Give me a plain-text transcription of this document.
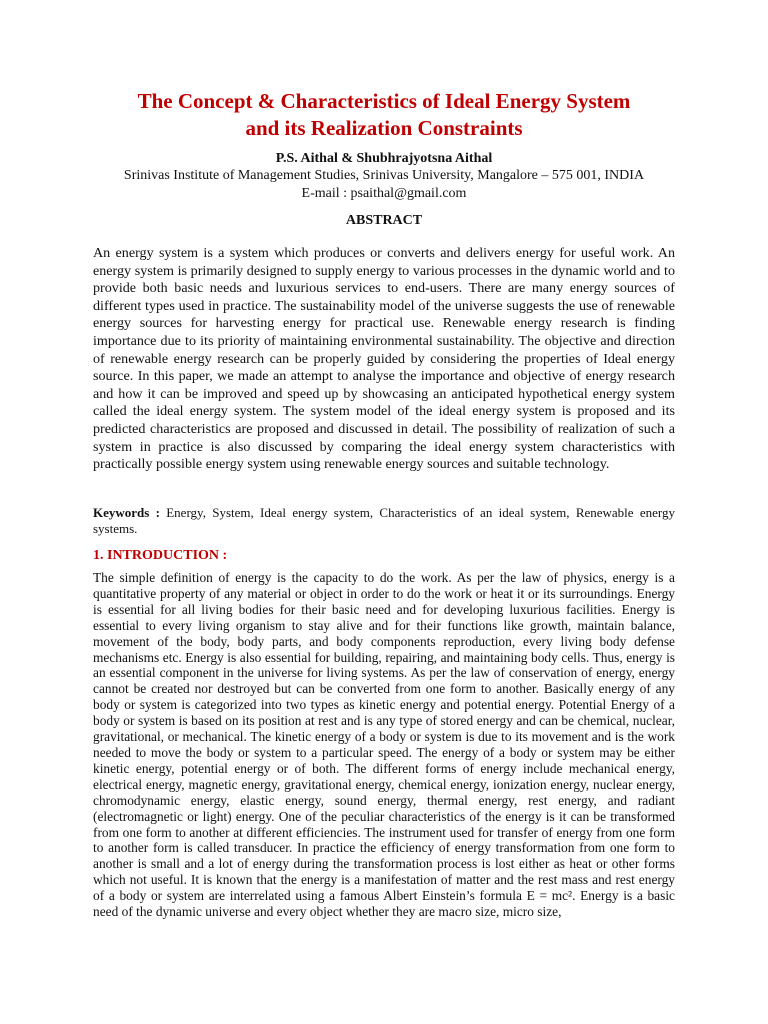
The Concept & Characteristics of Ideal Energy System
and its Realization Constraints
P.S. Aithal & Shubhrajyotsna Aithal
Srinivas Institute of Management Studies, Srinivas University, Mangalore – 575 001, INDIA
E-mail : psaithal@gmail.com
ABSTRACT
An energy system is a system which produces or converts and delivers energy for useful work. An energy system is primarily designed to supply energy to various processes in the dynamic world and to provide both basic needs and luxurious services to end-users. There are many energy sources of different types used in practice. The sustainability model of the universe suggests the use of renewable energy sources for harvesting energy for practical use. Renewable energy research is finding importance due to its priority of maintaining environmental sustainability. The objective and direction of renewable energy research can be properly guided by considering the properties of Ideal energy source. In this paper, we made an attempt to analyse the importance and objective of energy research and how it can be improved and speed up by showcasing an anticipated hypothetical energy system called the ideal energy system. The system model of the ideal energy system is proposed and its predicted characteristics are proposed and discussed in detail. The possibility of realization of such a system in practice is also discussed by comparing the ideal energy system characteristics with practically possible energy system using renewable energy sources and suitable technology.
Keywords : Energy, System, Ideal energy system, Characteristics of an ideal system, Renewable energy systems.
1. INTRODUCTION :
The simple definition of energy is the capacity to do the work. As per the law of physics, energy is a quantitative property of any material or object in order to do the work or heat it or its surroundings. Energy is essential for all living bodies for their basic need and for developing luxurious facilities. Energy is essential to every living organism to stay alive and for their functions like growth, maintain balance, movement of the body, body parts, and body components reproduction, every living body defense mechanisms etc. Energy is also essential for building, repairing, and maintaining body cells. Thus, energy is an essential component in the universe for living systems. As per the law of conservation of energy, energy cannot be created nor destroyed but can be converted from one form to another. Basically energy of any body or system is categorized into two types as kinetic energy and potential energy. Potential Energy of a body or system is based on its position at rest and is any type of stored energy and can be chemical, nuclear, gravitational, or mechanical. The kinetic energy of a body or system is due to its movement and is the work needed to move the body or system to a particular speed. The energy of a body or system may be either kinetic energy, potential energy or of both. The different forms of energy include mechanical energy, electrical energy, magnetic energy, gravitational energy, chemical energy, ionization energy, nuclear energy, chromodynamic energy, elastic energy, sound energy, thermal energy, rest energy, and radiant (electromagnetic or light) energy. One of the peculiar characteristics of the energy is it can be transformed from one form to another at different efficiencies. The instrument used for transfer of energy from one form to another form is called transducer. In practice the efficiency of energy transformation from one form to another is small and a lot of energy during the transformation process is lost either as heat or other forms which not useful. It is known that the energy is a manifestation of matter and the rest mass and rest energy of a body or system are interrelated using a famous Albert Einstein’s formula E = mc². Energy is a basic need of the dynamic universe and every object whether they are macro size, micro size,
